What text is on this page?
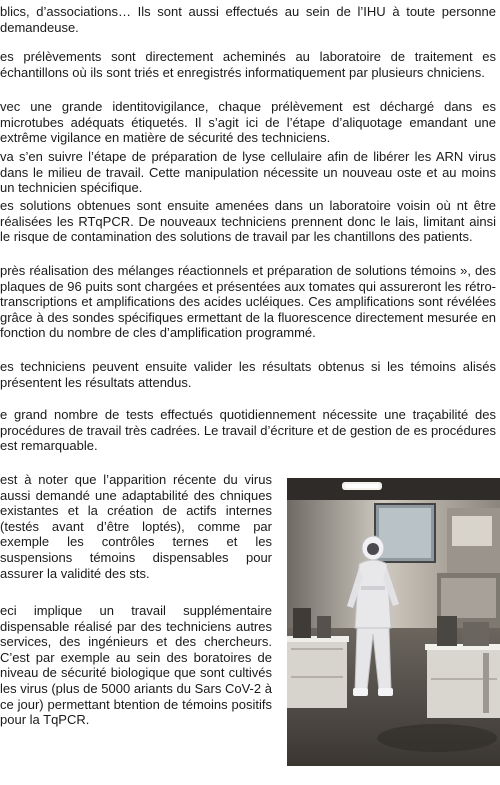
blics, d’associations… Ils sont aussi effectués au sein de l’IHU à toute personne demandeuse.

es prélèvements sont directement acheminés au laboratoire de traitement es échantillons où ils sont triés et enregistrés informatiquement par plusieurs chniciens.

vec une grande identitovigilance, chaque prélèvement est déchargé dans es microtubes adéquats étiquetés. Il s’agit ici de l’étape d’aliquotage emandant une extrême vigilance en matière de sécurité des techniciens.

va s’en suivre l’étape de préparation de lyse cellulaire afin de libérer les ARN virus dans le milieu de travail. Cette manipulation nécessite un nouveau oste et au moins un technicien spécifique.

es solutions obtenues sont ensuite amenées dans un laboratoire voisin où nt être réalisées les RTqPCR. De nouveaux techniciens prennent donc le lais, limitant ainsi le risque de contamination des solutions de travail par les chantillons des patients.

près réalisation des mélanges réactionnels et préparation de solutions témoins », des plaques de 96 puits sont chargées et présentées aux tomates qui assureront les rétro-transcriptions et amplifications des acides ucléiques. Ces amplifications sont révélées grâce à des sondes spécifiques ermettant de la fluorescence directement mesurée en fonction du nombre de cles d’amplification programmé.

es techniciens peuvent ensuite valider les résultats obtenus si les témoins alisés présentent les résultats attendus.

e grand nombre de tests effectués quotidiennement nécessite une traçabilité des procédures de travail très cadrées. Le travail d’écriture et de gestion de es procédures est remarquable.

est à noter que l’apparition récente du virus aussi demandé une adaptabilité des chniques existantes et la création de actifs internes (testés avant d’être loptés), comme par exemple les contrôles ternes et les suspensions témoins dispensables pour assurer la validité des sts.

eci implique un travail supplémentaire dispensable réalisé par des techniciens autres services, des ingénieurs et des chercheurs. C’est par exemple au sein des boratoires de niveau de sécurité biologique que sont cultivés les virus (plus de 5000 ariants du Sars CoV-2 à ce jour) permettant btention de témoins positifs pour la TqPCR.
